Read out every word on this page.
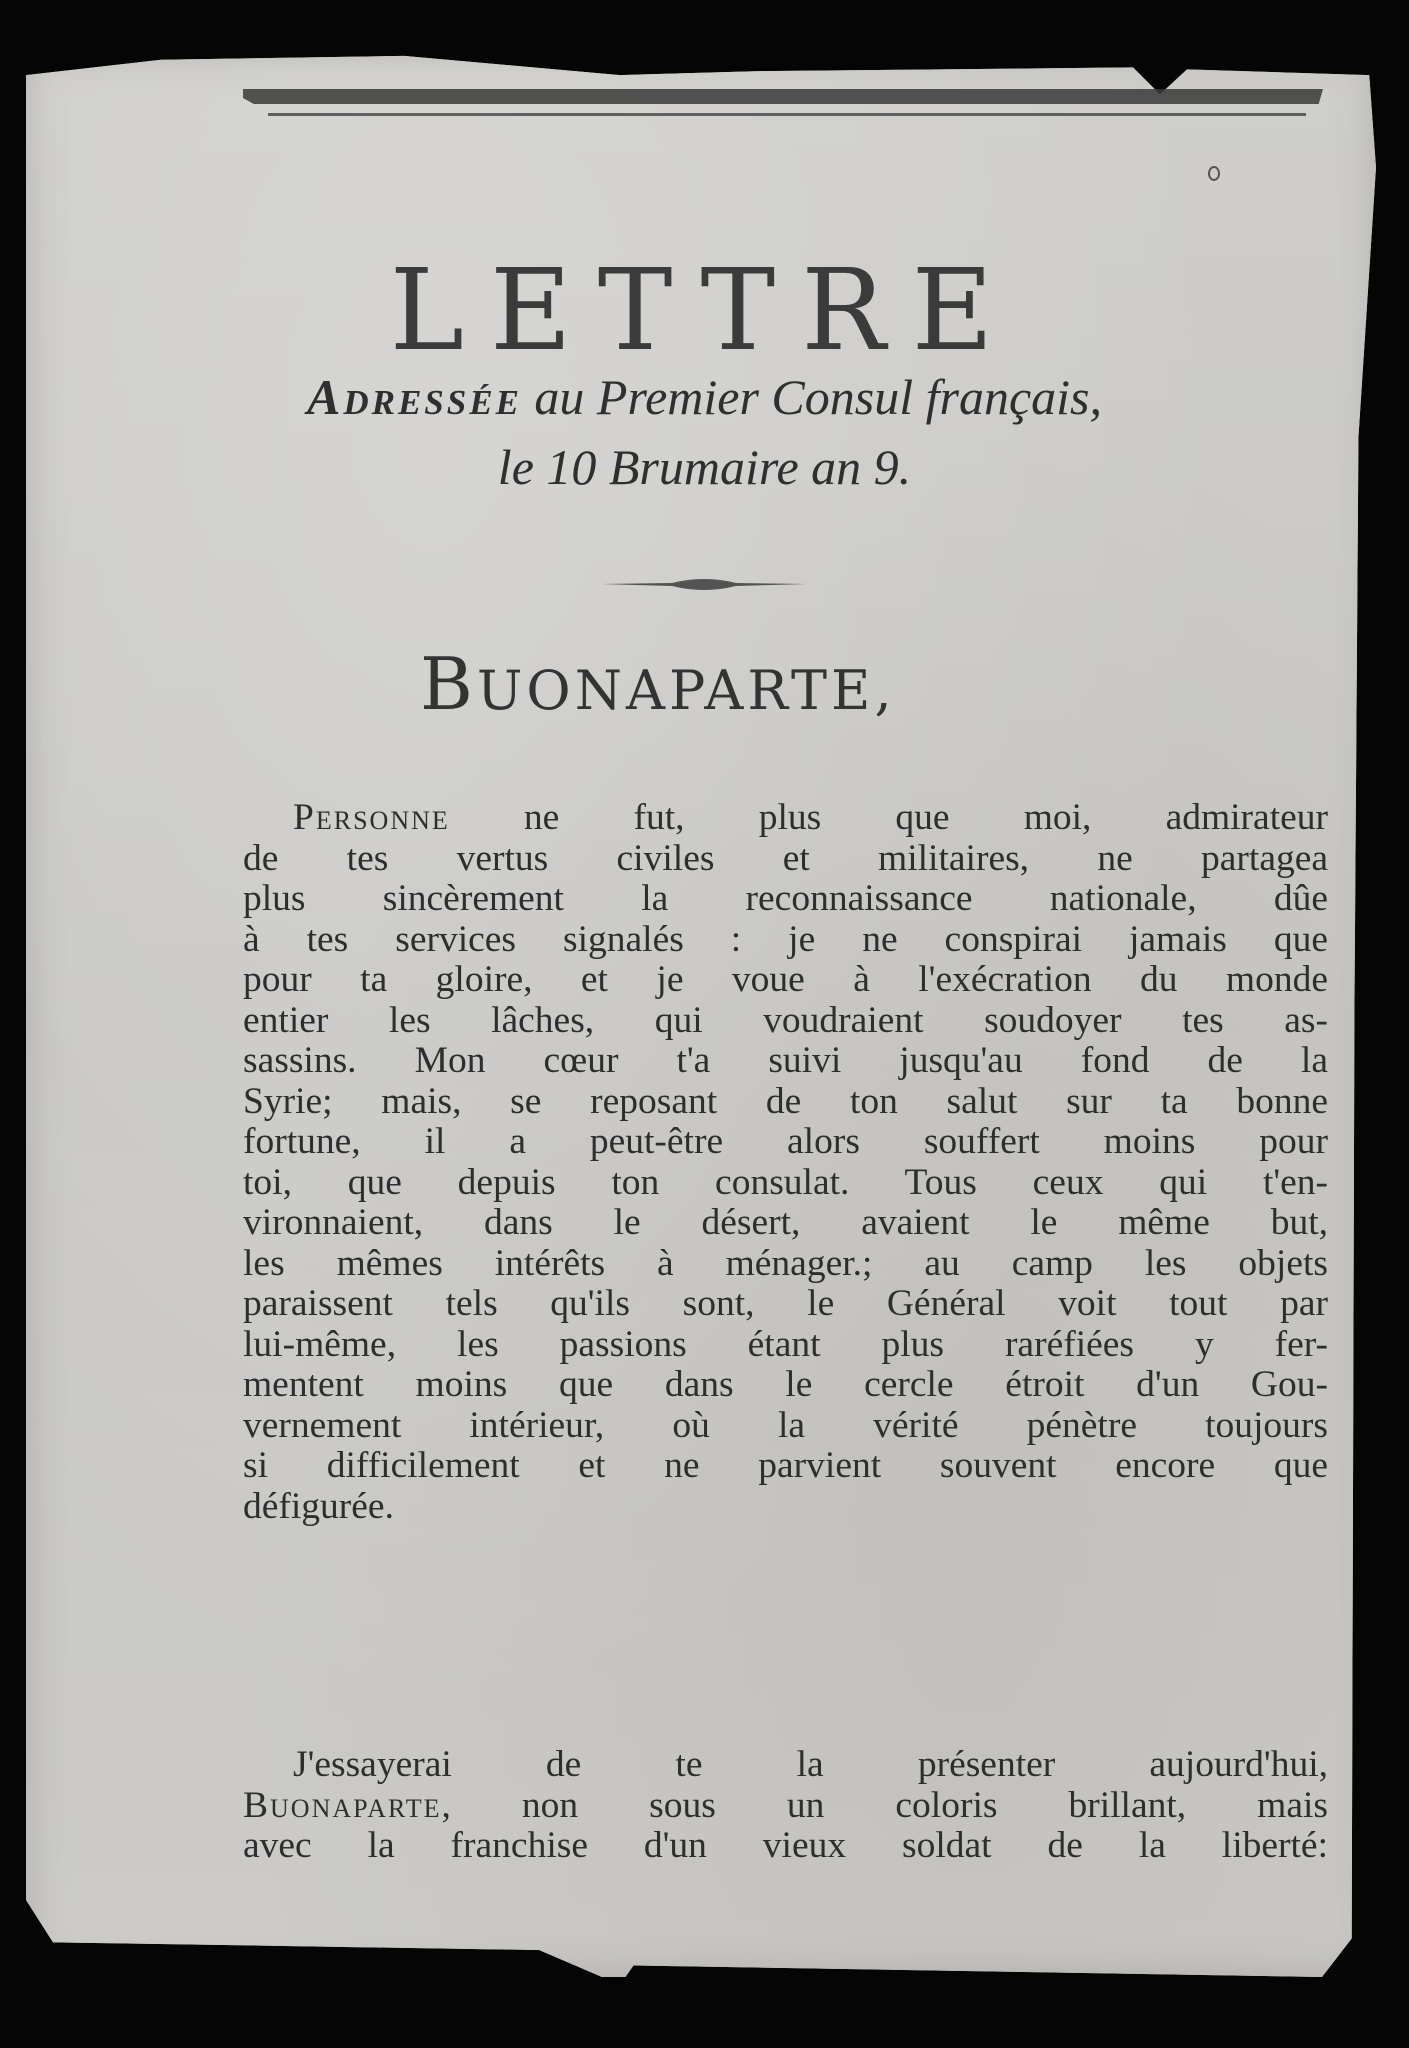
LETTRE
Adressée au Premier Consul français,
le 10 Brumaire an 9.
BUONAPARTE,
Personne ne fut, plus que moi, admirateur
de tes vertus civiles et militaires, ne partagea
plus sincèrement la reconnaissance nationale, dûe
à tes services signalés : je ne conspirai jamais que
pour ta gloire, et je voue à l'exécration du monde
entier les lâches, qui voudraient soudoyer tes as-
sassins. Mon cœur t'a suivi jusqu'au fond de la
Syrie; mais, se reposant de ton salut sur ta bonne
fortune, il a peut-être alors souffert moins pour
toi, que depuis ton consulat. Tous ceux qui t'en-
vironnaient, dans le désert, avaient le même but,
les mêmes intérêts à ménager.; au camp les objets
paraissent tels qu'ils sont, le Général voit tout par
lui-même, les passions étant plus raréfiées y fer-
mentent moins que dans le cercle étroit d'un Gou-
vernement intérieur, où la vérité pénètre toujours
si difficilement et ne parvient souvent encore que
défigurée.
J'essayerai de te la présenter aujourd'hui,
Buonaparte, non sous un coloris brillant, mais
avec la franchise d'un vieux soldat de la liberté:
